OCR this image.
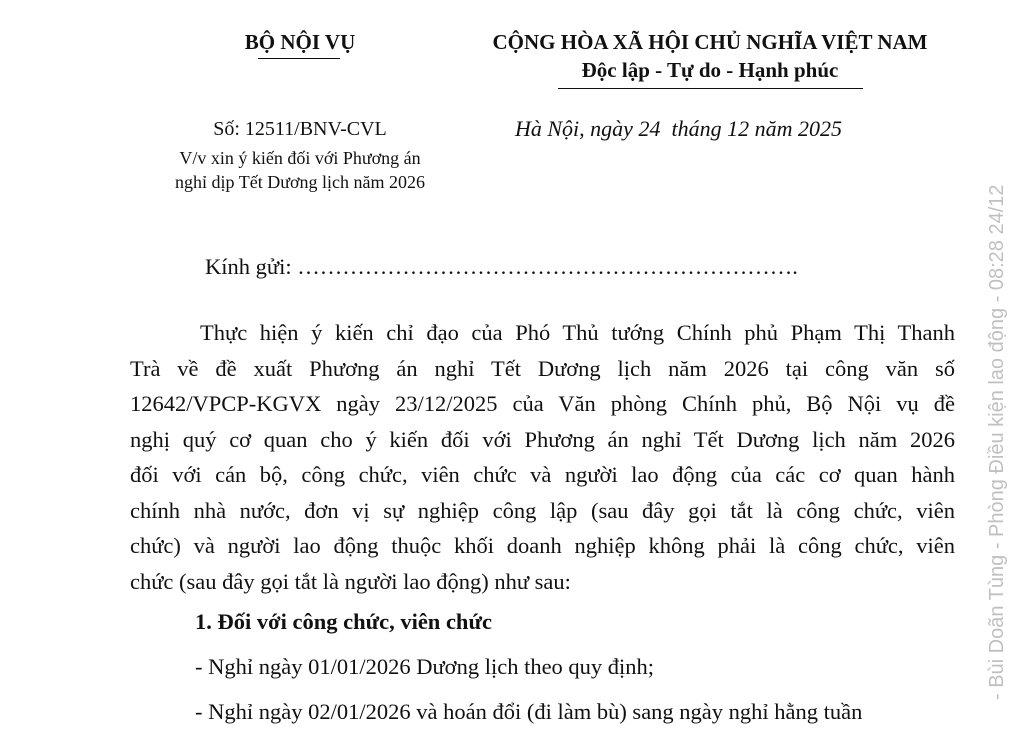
BỘ NỘI VỤ	CỘNG HÒA XÃ HỘI CHỦ NGHĨA VIỆT NAM
Độc lập - Tự do - Hạnh phúc
Số: 12511/BNV-CVL
V/v xin ý kiến đối với Phương án
nghỉ dịp Tết Dương lịch năm 2026
Hà Nội, ngày 24 tháng 12 năm 2025
Kính gửi: ………………………………………………………….
Thực hiện ý kiến chỉ đạo của Phó Thủ tướng Chính phủ Phạm Thị Thanh
Trà về đề xuất Phương án nghỉ Tết Dương lịch năm 2026 tại công văn số
12642/VPCP-KGVX ngày 23/12/2025 của Văn phòng Chính phủ, Bộ Nội vụ đề
nghị quý cơ quan cho ý kiến đối với Phương án nghỉ Tết Dương lịch năm 2026
đối với cán bộ, công chức, viên chức và người lao động của các cơ quan hành
chính nhà nước, đơn vị sự nghiệp công lập (sau đây gọi tắt là công chức, viên
chức) và người lao động thuộc khối doanh nghiệp không phải là công chức, viên
chức (sau đây gọi tắt là người lao động) như sau:
1. Đối với công chức, viên chức
- Nghỉ ngày 01/01/2026 Dương lịch theo quy định;
- Nghỉ ngày 02/01/2026 và hoán đổi (đi làm bù) sang ngày nghỉ hằng tuần
- Bùi Doãn Tùng - Phòng Điều kiện lao động - 08:28 24/12
